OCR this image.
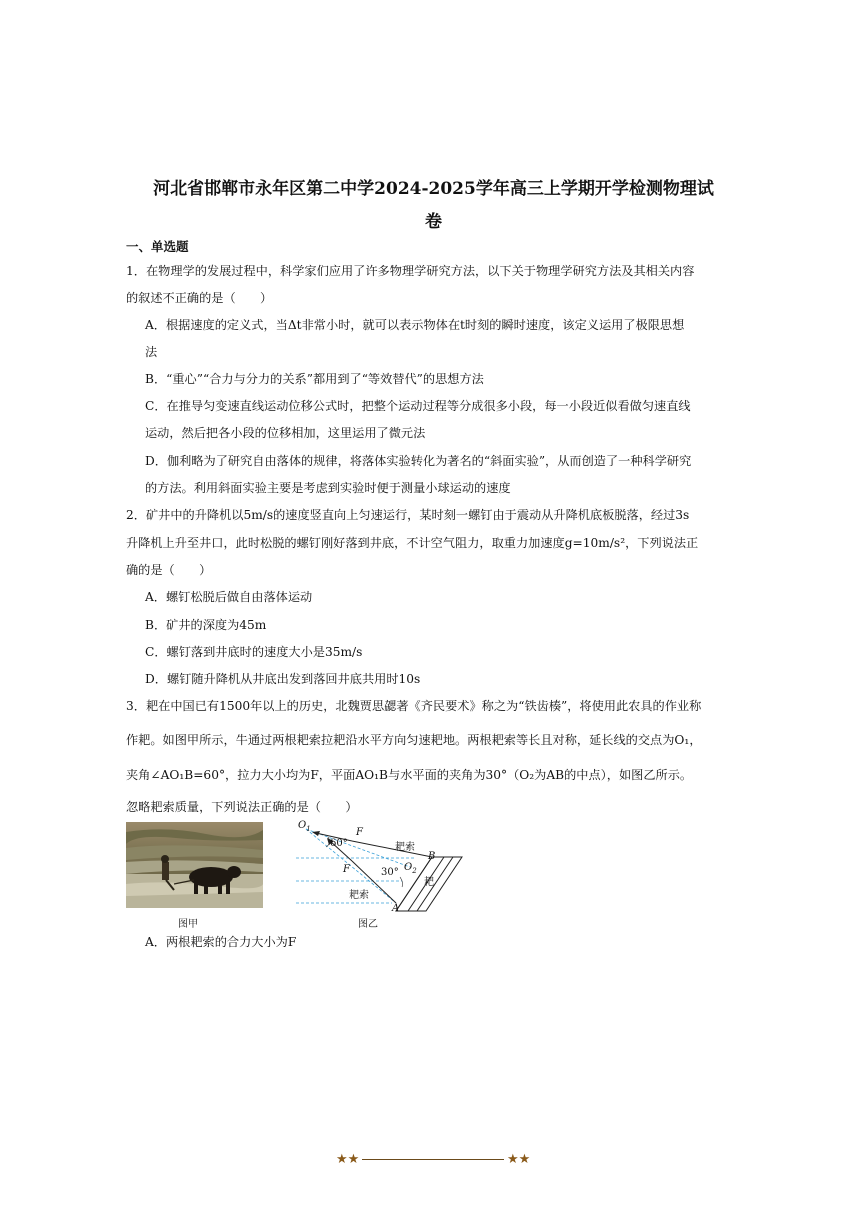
河北省邯郸市永年区第二中学2024-2025学年高三上学期开学检测物理试
卷
一、单选题
1．在物理学的发展过程中，科学家们应用了许多物理学研究方法，以下关于物理学研究方法及其相关内容
的叙述不正确的是（　　）
A．根据速度的定义式，当Δt非常小时，就可以表示物体在t时刻的瞬时速度，该定义运用了极限思想
法
B．“重心”“合力与分力的关系”都用到了“等效替代”的思想方法
C．在推导匀变速直线运动位移公式时，把整个运动过程等分成很多小段，每一小段近似看做匀速直线
运动，然后把各小段的位移相加，这里运用了微元法
D．伽利略为了研究自由落体的规律，将落体实验转化为著名的“斜面实验”，从而创造了一种科学研究
的方法。利用斜面实验主要是考虑到实验时便于测量小球运动的速度
2．矿井中的升降机以5m/s的速度竖直向上匀速运行，某时刻一螺钉由于震动从升降机底板脱落，经过3s
升降机上升至井口，此时松脱的螺钉刚好落到井底，不计空气阻力，取重力加速度g=10m/s²，下列说法正
确的是（　　）
A．螺钉松脱后做自由落体运动
B．矿井的深度为45m
C．螺钉落到井底时的速度大小是35m/s
D．螺钉随升降机从井底出发到落回井底共用时10s
3．耙在中国已有1500年以上的历史，北魏贾思勰著《齐民要术》称之为“铁齿楱”，将使用此农具的作业称
作耙。如图甲所示，牛通过两根耙索拉耙沿水平方向匀速耙地。两根耙索等长且对称，延长线的交点为O₁，
夹角∠AO₁B=60°，拉力大小均为F，平面AO₁B与水平面的夹角为30°（O₂为AB的中点），如图乙所示。
忽略耙索质量，下列说法正确的是（　　）
图甲
$O_1$	F
60°	耙索
B
$O_2$
F	30°
耙
耙索
A
图乙
A．两根耙索的合力大小为F
★★	★★
